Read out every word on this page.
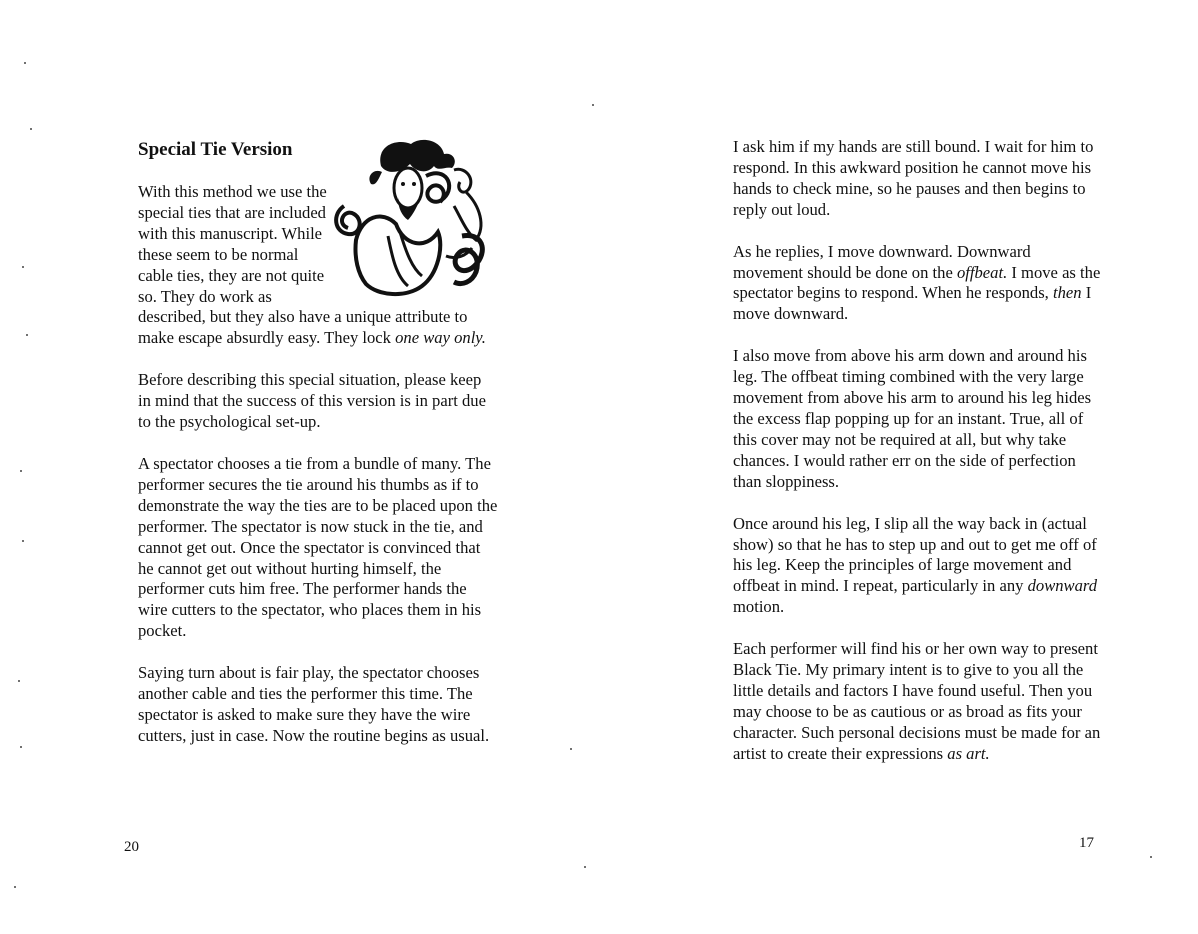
Special Tie Version

With this method we use the special ties that are included with this manuscript. While these seem to be normal cable ties, they are not quite so. They do work as

described, but they also have a unique attribute to make escape absurdly easy. They lock one way only.

Before describing this special situation, please keep in mind that the success of this version is in part due to the psychological set-up.

A spectator chooses a tie from a bundle of many. The performer secures the tie around his thumbs as if to demonstrate the way the ties are to be placed upon the performer. The spectator is now stuck in the tie, and cannot get out. Once the spectator is convinced that he cannot get out without hurting himself, the performer cuts him free. The performer hands the wire cutters to the spectator, who places them in his pocket.

Saying turn about is fair play, the spectator chooses another cable and ties the performer this time. The spectator is asked to make sure they have the wire cutters, just in case. Now the routine begins as usual.

20

I ask him if my hands are still bound. I wait for him to respond. In this awkward position he cannot move his hands to check mine, so he pauses and then begins to reply out loud.

As he replies, I move downward. Downward movement should be done on the offbeat. I move as the spectator begins to respond. When he responds, then I move downward.

I also move from above his arm down and around his leg. The offbeat timing combined with the very large movement from above his arm to around his leg hides the excess flap popping up for an instant. True, all of this cover may not be required at all, but why take chances. I would rather err on the side of perfection than sloppiness.

Once around his leg, I slip all the way back in (actual show) so that he has to step up and out to get me off of his leg. Keep the principles of large movement and offbeat in mind. I repeat, particularly in any downward motion.

Each performer will find his or her own way to present Black Tie. My primary intent is to give to you all the little details and factors I have found useful. Then you may choose to be as cautious or as broad as fits your character. Such personal decisions must be made for an artist to create their expressions as art.

17
